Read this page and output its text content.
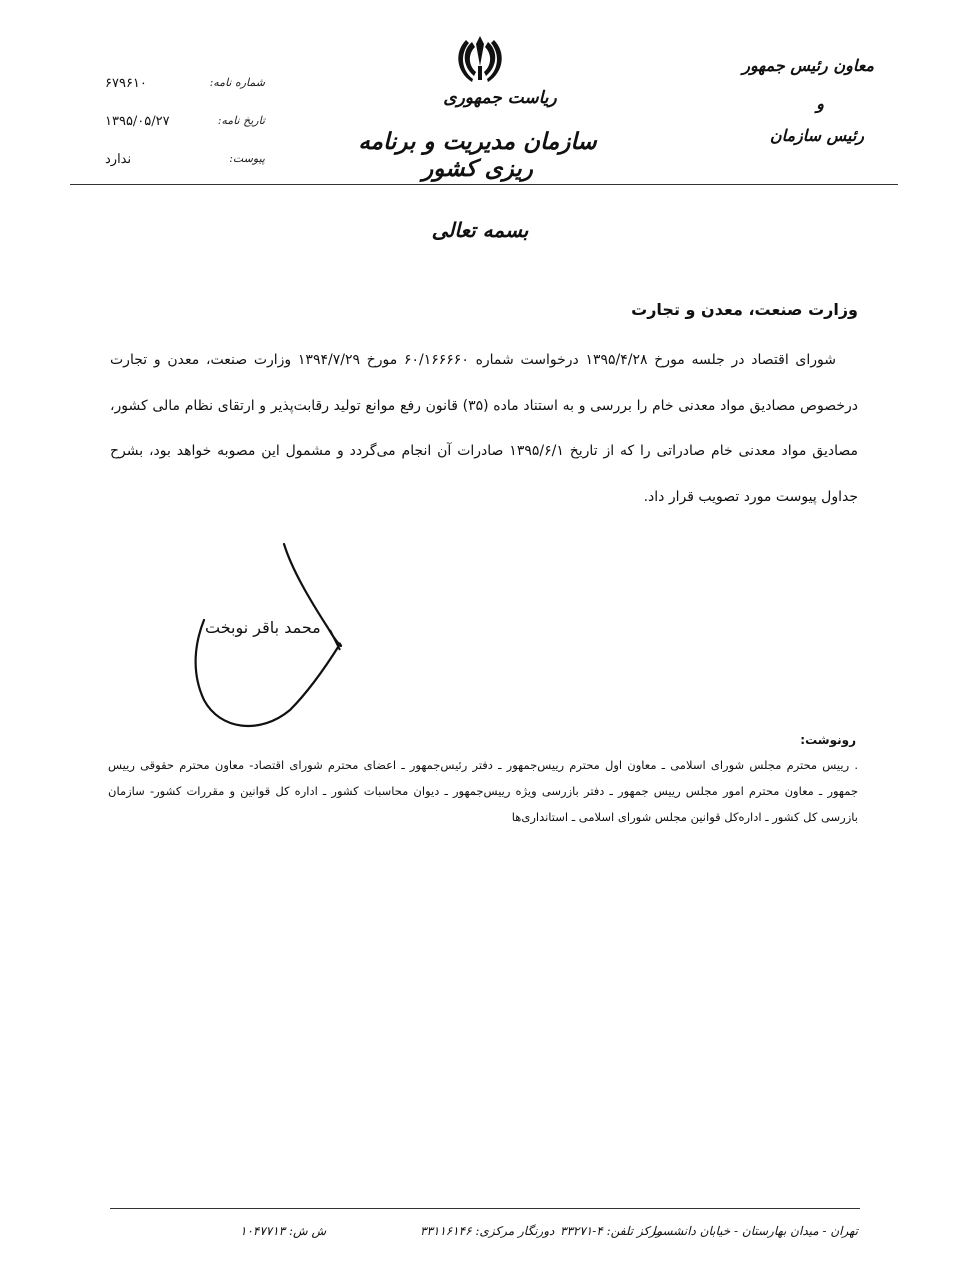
معاون رئیس جمهور
و
رئیس سازمان
ریاست جمهوری
سازمان مدیریت و برنامه ریزی کشور
شماره نامه:
۶۷۹۶۱۰
تاریخ نامه:
۱۳۹۵/۰۵/۲۷
پیوست:
ندارد
بسمه تعالی
وزارت صنعت، معدن و تجارت
شورای اقتصاد در جلسه مورخ ۱۳۹۵/۴/۲۸ درخواست شماره ۶۰/۱۶۶۶۶۰ مورخ ۱۳۹۴/۷/۲۹ وزارت صنعت، معدن و تجارت درخصوص مصادیق مواد معدنی خام را بررسی و به استناد ماده (۳۵) قانون رفع موانع تولید رقابت‌پذیر و ارتقای نظام مالی کشور، مصادیق مواد معدنی خام صادراتی را که از تاریخ ۱۳۹۵/۶/۱ صادرات آن انجام می‌گردد و مشمول این مصوبه خواهد بود، بشرح جداول پیوست مورد تصویب قرار داد.
محمد باقر نوبخت
رونوشت:
. رییس محترم مجلس شورای اسلامی ـ معاون اول محترم رییس‌جمهور ـ دفتر رئیس‌جمهور ـ اعضای محترم شورای اقتصاد- معاون محترم حقوقی رییس جمهور ـ معاون محترم امور مجلس رییس جمهور ـ دفتر بازرسی ویژه رییس‌جمهور ـ دیوان محاسبات کشور ـ اداره کل قوانین و مقررات کشور- سازمان بازرسی کل کشور ـ اداره‌کل قوانین مجلس شورای اسلامی ـ استانداری‌ها
تهران - میدان بهارستان - خیابان دانشسرا
مرکز تلفن: ۴-۳۳۲۷۱
دورنگار مرکزی: ۳۳۱۱۶۱۴۶
ش ش: ۱۰۴۷۷۱۳
